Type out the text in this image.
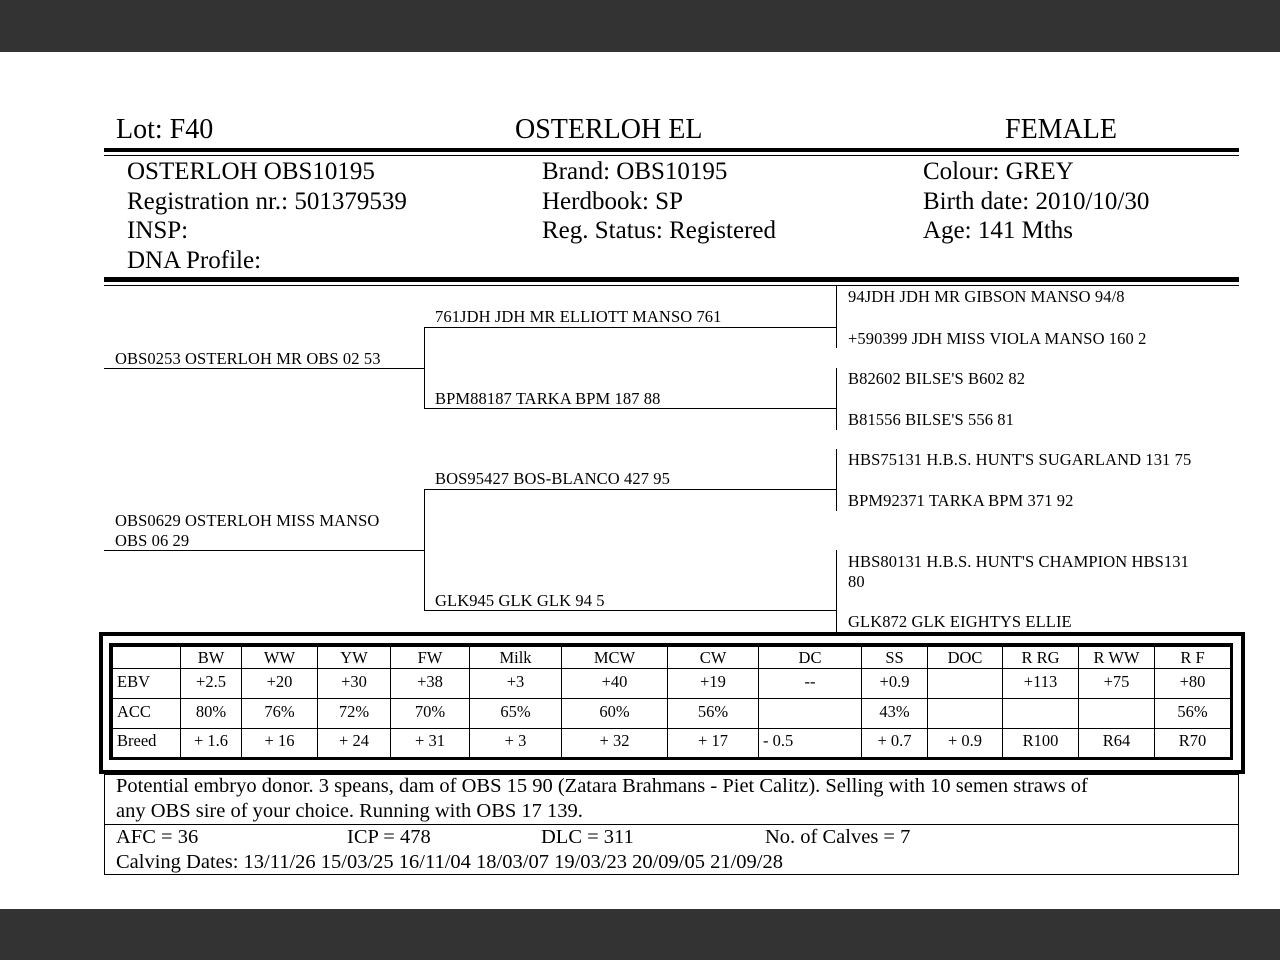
Lot: F40	OSTERLOH EL	FEMALE
OSTERLOH OBS10195
Registration nr.: 501379539
INSP:
DNA Profile:
Brand: OBS10195
Herdbook: SP
Reg. Status: Registered
Colour: GREY
Birth date: 2010/10/30
Age: 141 Mths
OBS0253 OSTERLOH MR OBS 02 53
OBS0629 OSTERLOH MISS MANSO
OBS 06 29
761JDH JDH MR ELLIOTT MANSO 761
BPM88187 TARKA BPM 187 88
BOS95427 BOS-BLANCO 427 95
GLK945 GLK GLK 94 5
94JDH JDH MR GIBSON MANSO 94/8
+590399 JDH MISS VIOLA MANSO 160 2
B82602 BILSE'S B602 82
B81556 BILSE'S 556 81
HBS75131 H.B.S. HUNT'S SUGARLAND 131 75
BPM92371 TARKA BPM 371 92
HBS80131 H.B.S. HUNT'S CHAMPION HBS131
80
GLK872 GLK EIGHTYS ELLIE
	BW	WW	YW	FW	Milk	MCW	CW	DC	SS	DOC	R RG	R WW	R F
EBV	+2.5	+20	+30	+38	+3	+40	+19	--	+0.9		+113	+75	+80
ACC	80%	76%	72%	70%	65%	60%	56%		43%				56%
Breed	+ 1.6	+ 16	+ 24	+ 31	+ 3	+ 32	+ 17	- 0.5	+ 0.7	+ 0.9	R100	R64	R70
Potential embryo donor. 3 speans, dam of OBS 15 90 (Zatara Brahmans - Piet Calitz). Selling with 10 semen straws of
any OBS sire of your choice. Running with OBS 17 139.
AFC = 36	ICP = 478	DLC = 311	No. of Calves = 7
Calving Dates: 13/11/26 15/03/25 16/11/04 18/03/07 19/03/23 20/09/05 21/09/28
